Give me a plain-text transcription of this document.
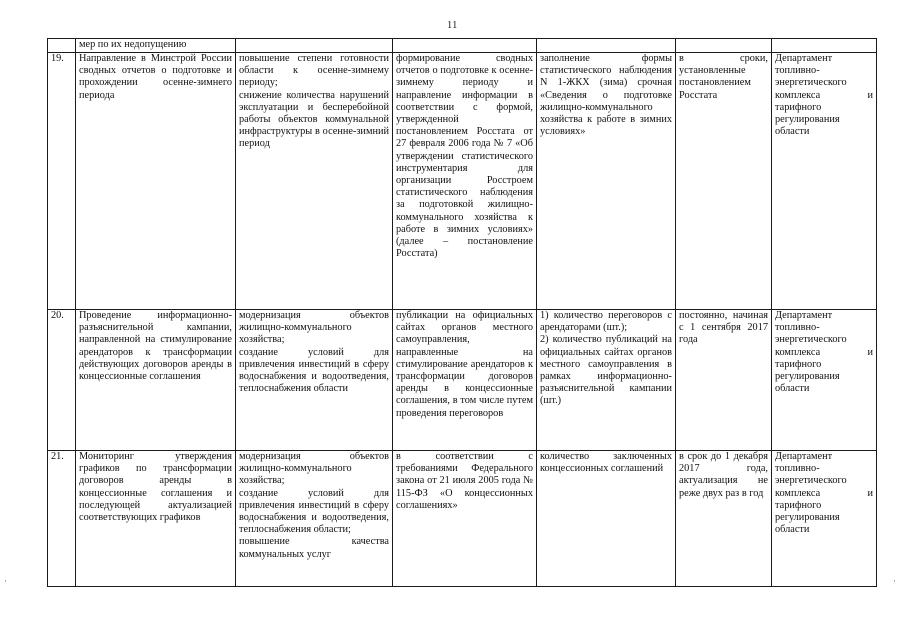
11
	мер по их недопущению					
19.	Направление в Минстрой России сводных отчетов о подготовке и прохождении осенне-зимнего периода	повышение степени готовности области к осенне-зимнему периоду;
снижение количества нарушений эксплуатации и бесперебойной работы объектов коммунальной инфраструктуры в осенне-зимний период	формирование сводных отчетов о подготовке к осенне-зимнему периоду и направление информации в соответствии с формой, утвержденной постановлением Росстата от 27 февраля 2006 года № 7 «Об утверждении статистического инструментария для организации Росстроем статистического наблюдения за подготовкой жилищно-коммунального хозяйства к работе в зимних условиях» (далее – постановление Росстата)	заполнение формы статистического наблюдения N 1-ЖКХ (зима) срочная «Сведения о подготовке жилищно-коммунального хозяйства к работе в зимних условиях»	в сроки, установленные постановлением Росстата	Департамент топливно-энергетического комплекса и тарифного регулирования области
20.	Проведение информационно-разъяснительной кампании, направленной на стимулирование арендаторов к трансформации действующих договоров аренды в концессионные соглашения	модернизация объектов жилищно-коммунального хозяйства;
создание условий для привлечения инвестиций в сферу водоснабжения и водоотведения, теплоснабжения области	публикации на официальных сайтах органов местного самоуправления, направленные на стимулирование арендаторов к трансформации договоров аренды в концессионные соглашения, в том числе путем проведения переговоров	1) количество переговоров с арендаторами (шт.);
2) количество публикаций на официальных сайтах органов местного самоуправления в рамках информационно-разъяснительной кампании (шт.)	постоянно, начиная с 1 сентября 2017 года	Департамент топливно-энергетического комплекса и тарифного регулирования области
21.	Мониторинг утверждения графиков по трансформации договоров аренды в концессионные соглашения и последующей актуализацией соответствующих графиков	модернизация объектов жилищно-коммунального хозяйства;
создание условий для привлечения инвестиций в сферу водоснабжения и водоотведения, теплоснабжения области;
повышение качества коммунальных услуг	в соответствии с требованиями Федерального закона от 21 июля 2005 года № 115-ФЗ «О концессионных соглашениях»	количество заключенных концессионных соглашений	в срок до 1 декабря 2017 года, актуализация не реже двух раз в год	Департамент топливно-энергетического комплекса и тарифного регулирования области
·	·
